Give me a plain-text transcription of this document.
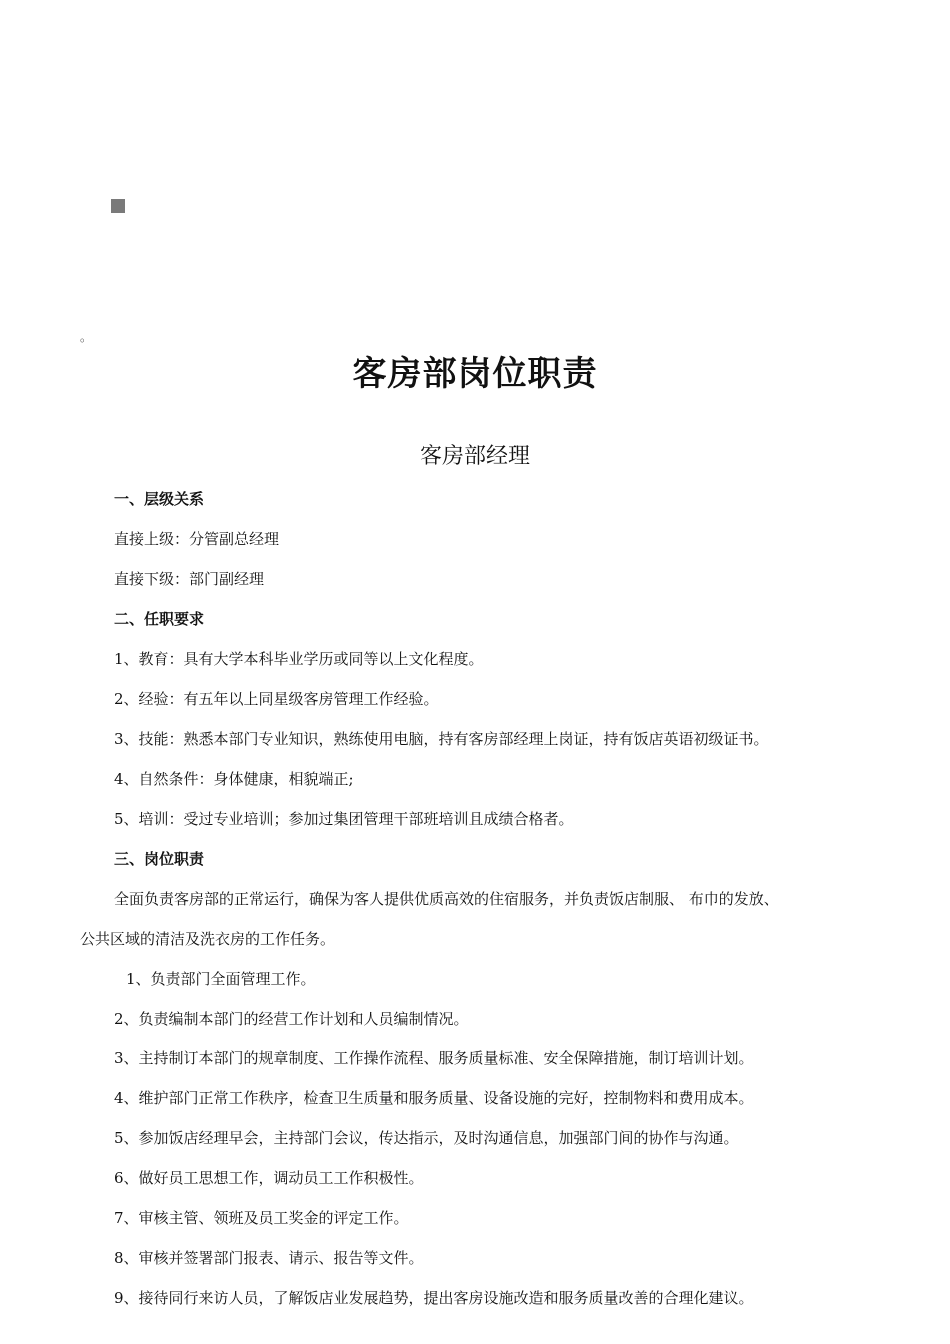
。
客房部岗位职责
客房部经理

一、层级关系

直接上级：分管副总经理

直接下级：部门副经理

二、任职要求

1、教育：具有大学本科毕业学历或同等以上文化程度。

2、经验：有五年以上同星级客房管理工作经验。

3、技能：熟悉本部门专业知识，熟练使用电脑，持有客房部经理上岗证，持有饭店英语初级证书。

4、自然条件：身体健康，相貌端正;

5、培训：受过专业培训；参加过集团管理干部班培训且成绩合格者。

三、岗位职责

全面负责客房部的正常运行，确保为客人提供优质高效的住宿服务，并负责饭店制服、 布巾的发放、

公共区域的清洁及洗衣房的工作任务。

1、负责部门全面管理工作。

2、负责编制本部门的经营工作计划和人员编制情况。

3、主持制订本部门的规章制度、工作操作流程、服务质量标准、安全保障措施，制订培训计划。

4、维护部门正常工作秩序，检查卫生质量和服务质量、设备设施的完好，控制物料和费用成本。

5、参加饭店经理早会，主持部门会议，传达指示，及时沟通信息，加强部门间的协作与沟通。

6、做好员工思想工作，调动员工工作积极性。

7、审核主管、领班及员工奖金的评定工作。

8、审核并签署部门报表、请示、报告等文件。

9、接待同行来访人员，了解饭店业发展趋势，提出客房设施改造和服务质量改善的合理化建议。
